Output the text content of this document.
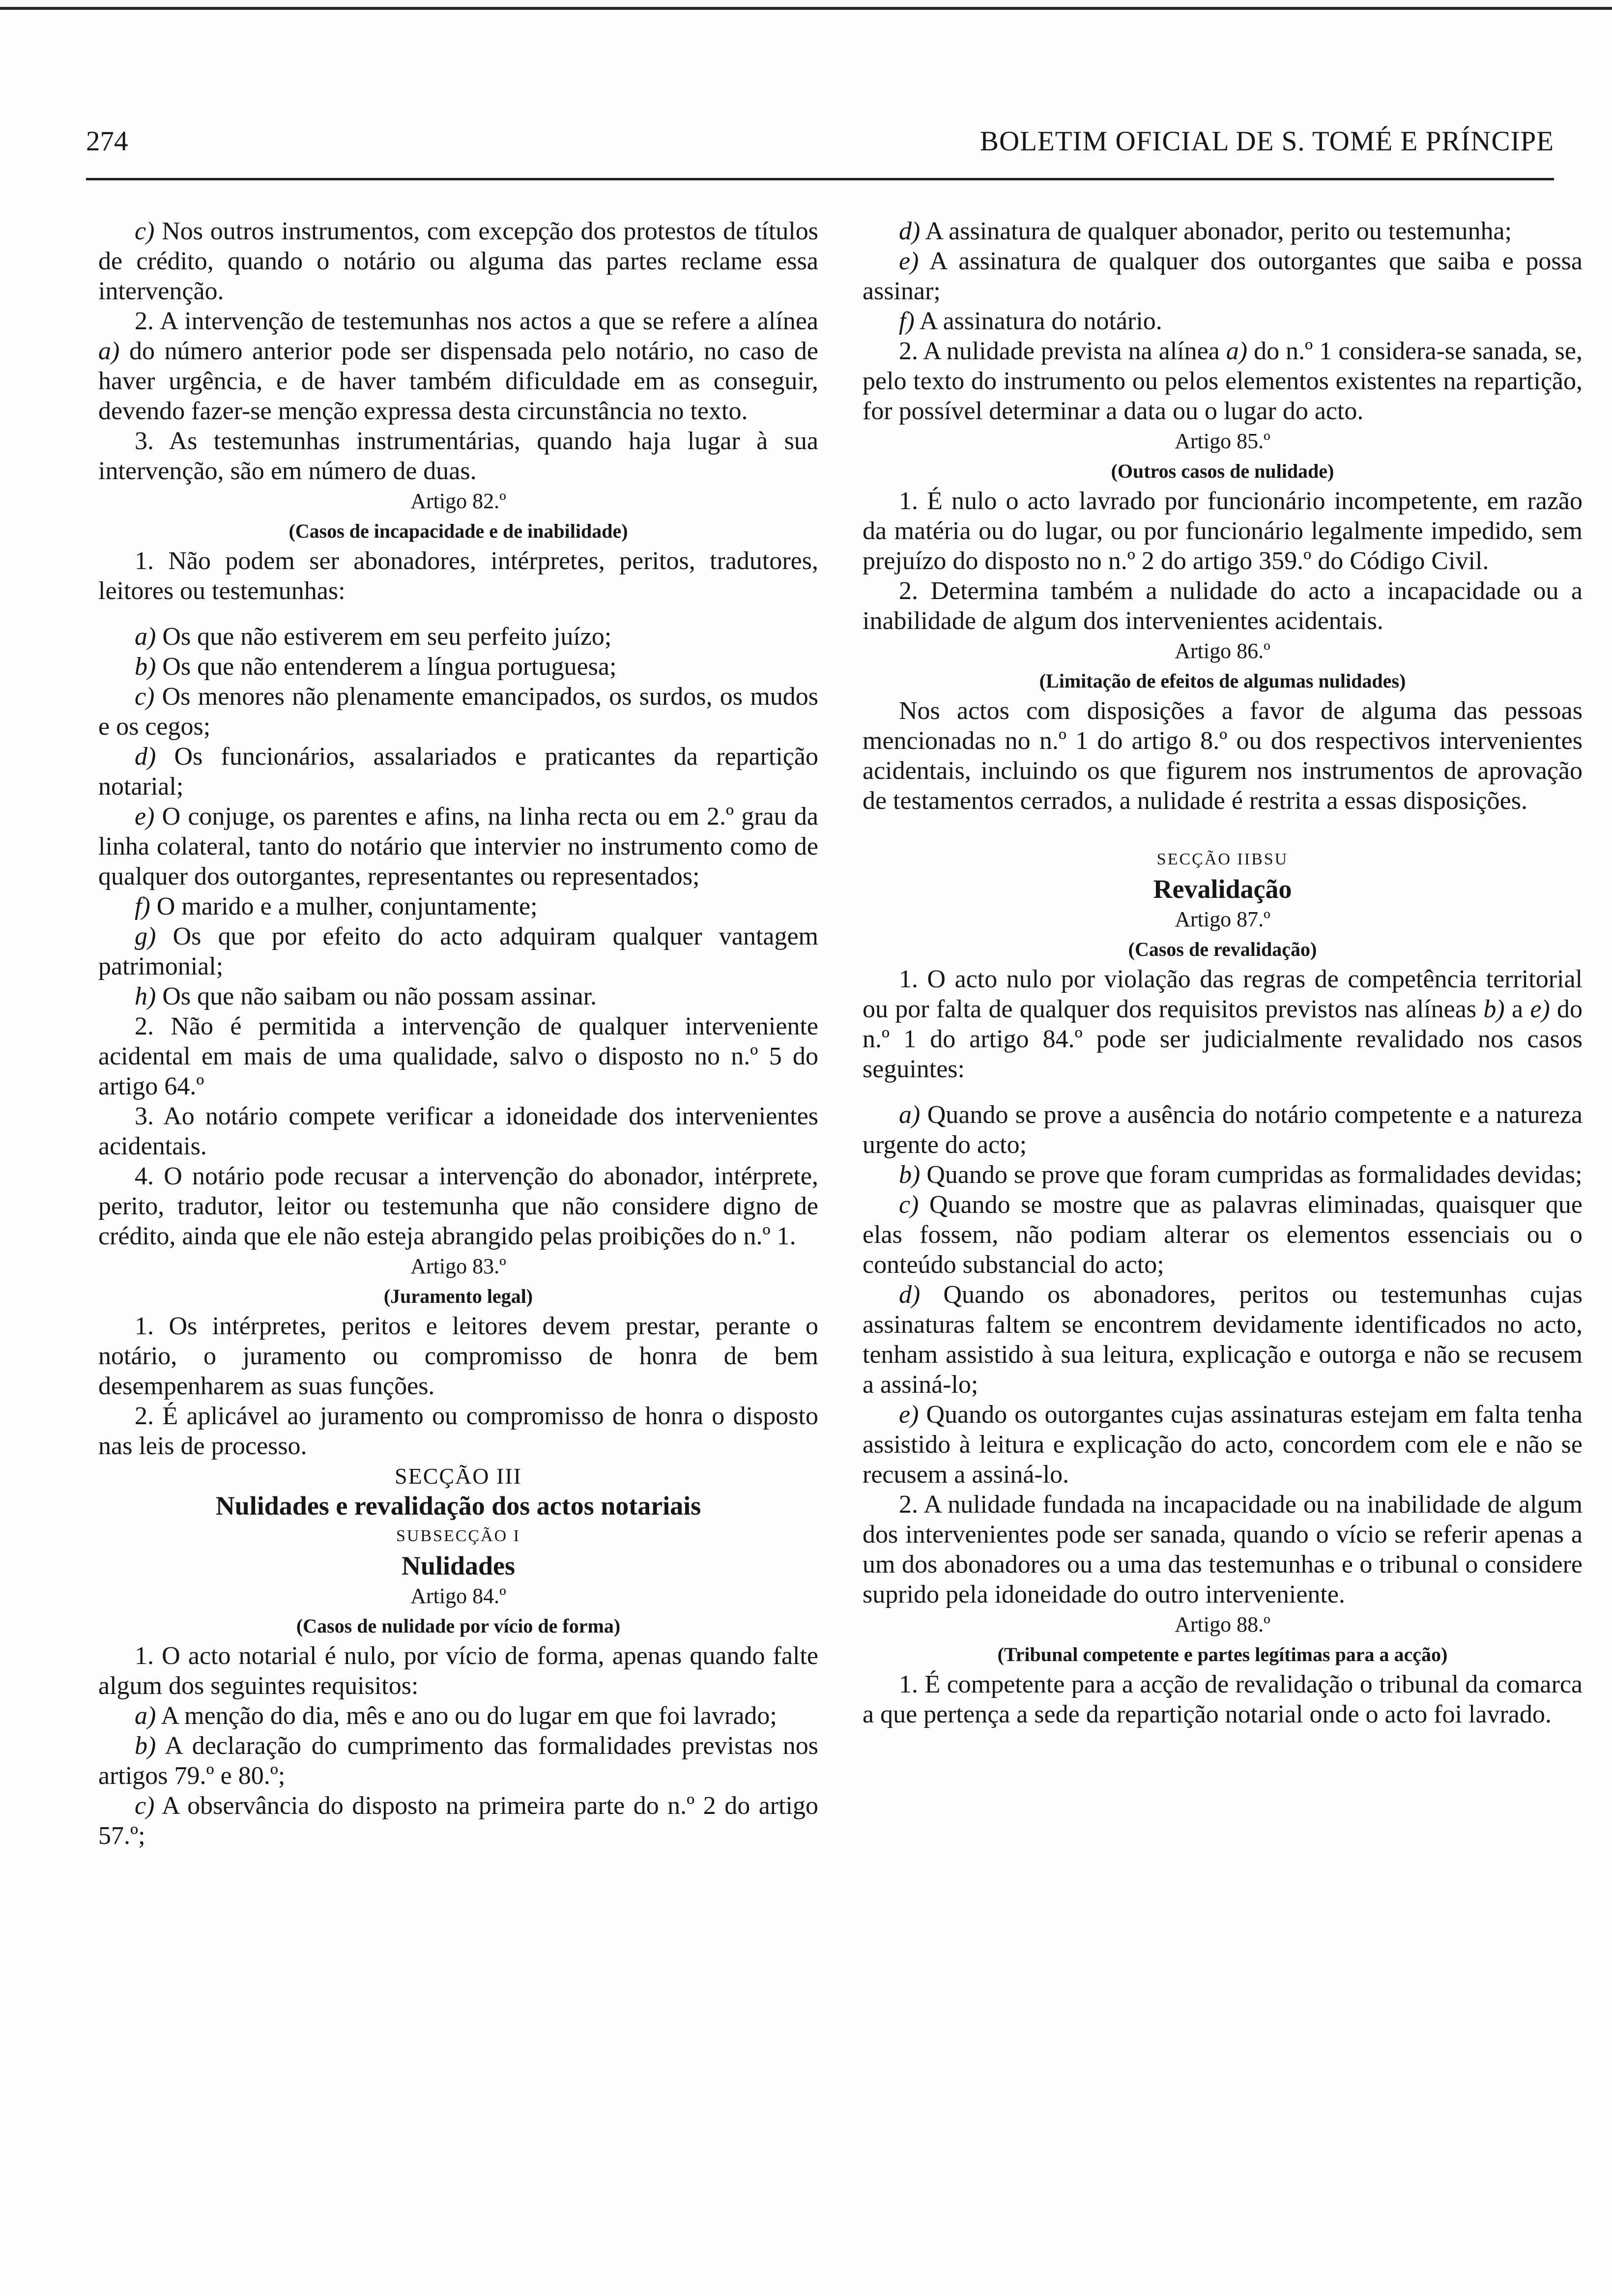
274	BOLETIM OFICIAL DE S. TOMÉ E PRÍNCIPE

c) Nos outros instrumentos, com excepção dos protestos de títulos de crédito, quando o notário ou alguma das partes reclame essa intervenção.

2. A intervenção de testemunhas nos actos a que se refere a alínea a) do número anterior pode ser dispensada pelo notário, no caso de haver urgência, e de haver também dificuldade em as conseguir, devendo fazer-se menção expressa desta circunstância no texto.

3. As testemunhas instrumentárias, quando haja lugar à sua intervenção, são em número de duas.

Artigo 82.º

(Casos de incapacidade e de inabilidade)

1. Não podem ser abonadores, intérpretes, peritos, tradutores, leitores ou testemunhas:

a) Os que não estiverem em seu perfeito juízo;

b) Os que não entenderem a língua portuguesa;

c) Os menores não plenamente emancipados, os surdos, os mudos e os cegos;

d) Os funcionários, assalariados e praticantes da repartição notarial;

e) O conjuge, os parentes e afins, na linha recta ou em 2.º grau da linha colateral, tanto do notário que intervier no instrumento como de qualquer dos outorgantes, representantes ou representados;

f) O marido e a mulher, conjuntamente;

g) Os que por efeito do acto adquiram qualquer vantagem patrimonial;

h) Os que não saibam ou não possam assinar.

2. Não é permitida a intervenção de qualquer interveniente acidental em mais de uma qualidade, salvo o disposto no n.º 5 do artigo 64.º

3. Ao notário compete verificar a idoneidade dos intervenientes acidentais.

4. O notário pode recusar a intervenção do abonador, intérprete, perito, tradutor, leitor ou testemunha que não considere digno de crédito, ainda que ele não esteja abrangido pelas proibições do n.º 1.

Artigo 83.º

(Juramento legal)

1. Os intérpretes, peritos e leitores devem prestar, perante o notário, o juramento ou compromisso de honra de bem desempenharem as suas funções.

2. É aplicável ao juramento ou compromisso de honra o disposto nas leis de processo.

SECÇÃO III

Nulidades e revalidação dos actos notariais

SUBSECÇÃO I

Nulidades

Artigo 84.º

(Casos de nulidade por vício de forma)

1. O acto notarial é nulo, por vício de forma, apenas quando falte algum dos seguintes requisitos:

a) A menção do dia, mês e ano ou do lugar em que foi lavrado;

b) A declaração do cumprimento das formalidades previstas nos artigos 79.º e 80.º;

c) A observância do disposto na primeira parte do n.º 2 do artigo 57.º;

d) A assinatura de qualquer abonador, perito ou testemunha;

e) A assinatura de qualquer dos outorgantes que saiba e possa assinar;

f) A assinatura do notário.

2. A nulidade prevista na alínea a) do n.º 1 considera-se sanada, se, pelo texto do instrumento ou pelos elementos existentes na repartição, for possível determinar a data ou o lugar do acto.

Artigo 85.º

(Outros casos de nulidade)

1. É nulo o acto lavrado por funcionário incompetente, em razão da matéria ou do lugar, ou por funcionário legalmente impedido, sem prejuízo do disposto no n.º 2 do artigo 359.º do Código Civil.

2. Determina também a nulidade do acto a incapacidade ou a inabilidade de algum dos intervenientes acidentais.

Artigo 86.º

(Limitação de efeitos de algumas nulidades)

Nos actos com disposições a favor de alguma das pessoas mencionadas no n.º 1 do artigo 8.º ou dos respectivos intervenientes acidentais, incluindo os que figurem nos instrumentos de aprovação de testamentos cerrados, a nulidade é restrita a essas disposições.

SECÇÃO IIBSU

Revalidação

Artigo 87.º

(Casos de revalidação)

1. O acto nulo por violação das regras de competência territorial ou por falta de qualquer dos requisitos previstos nas alíneas b) a e) do n.º 1 do artigo 84.º pode ser judicialmente revalidado nos casos seguintes:

a) Quando se prove a ausência do notário competente e a natureza urgente do acto;

b) Quando se prove que foram cumpridas as formalidades devidas;

c) Quando se mostre que as palavras eliminadas, quaisquer que elas fossem, não podiam alterar os elementos essenciais ou o conteúdo substancial do acto;

d) Quando os abonadores, peritos ou testemunhas cujas assinaturas faltem se encontrem devidamente identificados no acto, tenham assistido à sua leitura, explicação e outorga e não se recusem a assiná-lo;

e) Quando os outorgantes cujas assinaturas estejam em falta tenha assistido à leitura e explicação do acto, concordem com ele e não se recusem a assiná-lo.

2. A nulidade fundada na incapacidade ou na inabilidade de algum dos intervenientes pode ser sanada, quando o vício se referir apenas a um dos abonadores ou a uma das testemunhas e o tribunal o considere suprido pela idoneidade do outro interveniente.

Artigo 88.º

(Tribunal competente e partes legítimas para a acção)

1. É competente para a acção de revalidação o tribunal da comarca a que pertença a sede da repartição notarial onde o acto foi lavrado.
